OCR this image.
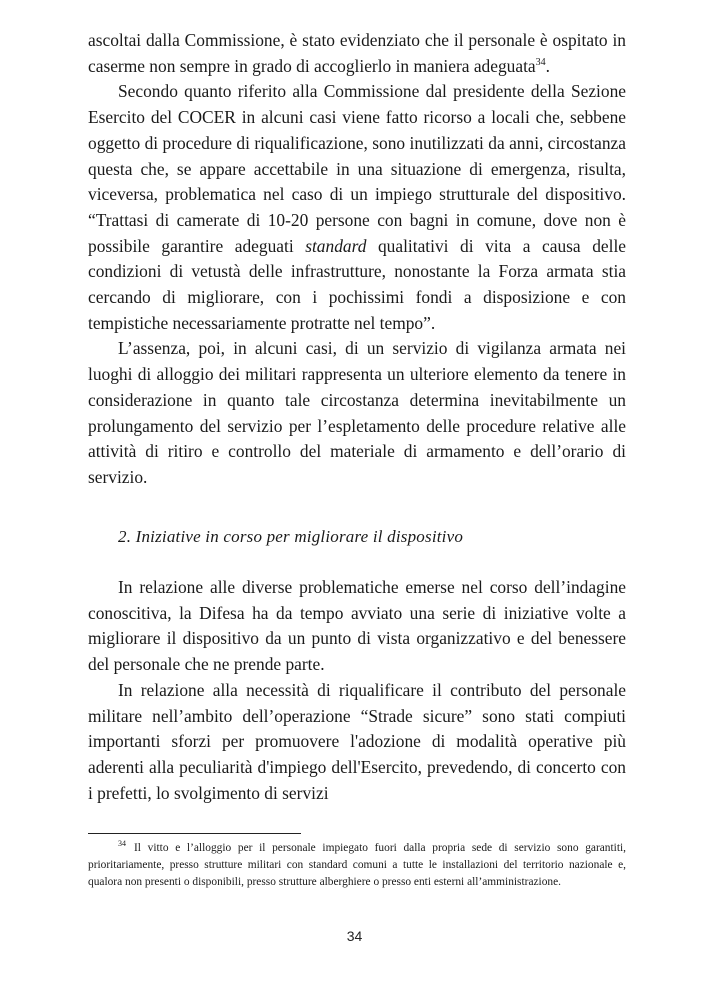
ascoltai dalla Commissione, è stato evidenziato che il personale è ospitato in caserme non sempre in grado di accoglierlo in maniera adeguata$^{34}$.

Secondo quanto riferito alla Commissione dal presidente della Sezione Esercito del COCER in alcuni casi viene fatto ricorso a locali che, sebbene oggetto di procedure di riqualificazione, sono inutilizzati da anni, circostanza questa che, se appare accettabile in una situazione di emergenza, risulta, viceversa, problematica nel caso di un impiego strutturale del dispositivo. “Trattasi di camerate di 10-20 persone con bagni in comune, dove non è possibile garantire adeguati standard qualitativi di vita a causa delle condizioni di vetustà delle infrastrutture, nonostante la Forza armata stia cercando di migliorare, con i pochissimi fondi a disposizione e con tempistiche necessariamente protratte nel tempo”.

L’assenza, poi, in alcuni casi, di un servizio di vigilanza armata nei luoghi di alloggio dei militari rappresenta un ulteriore elemento da tenere in considerazione in quanto tale circostanza determina inevitabilmente un prolungamento del servizio per l’espletamento delle procedure relative alle attività di ritiro e controllo del materiale di armamento e dell’orario di servizio.

2. Iniziative in corso per migliorare il dispositivo

In relazione alle diverse problematiche emerse nel corso dell’indagine conoscitiva, la Difesa ha da tempo avviato una serie di iniziative volte a migliorare il dispositivo da un punto di vista organizzativo e del benessere del personale che ne prende parte.

In relazione alla necessità di riqualificare il contributo del personale militare nell’ambito dell’operazione “Strade sicure” sono stati compiuti importanti sforzi per promuovere l'adozione di modalità operative più aderenti alla peculiarità d'impiego dell'Esercito, prevedendo, di concerto con i prefetti, lo svolgimento di servizi

$^{34}$ Il vitto e l’alloggio per il personale impiegato fuori dalla propria sede di servizio sono garantiti, prioritariamente, presso strutture militari con standard comuni a tutte le installazioni del territorio nazionale e, qualora non presenti o disponibili, presso strutture alberghiere o presso enti esterni all’amministrazione.

34
